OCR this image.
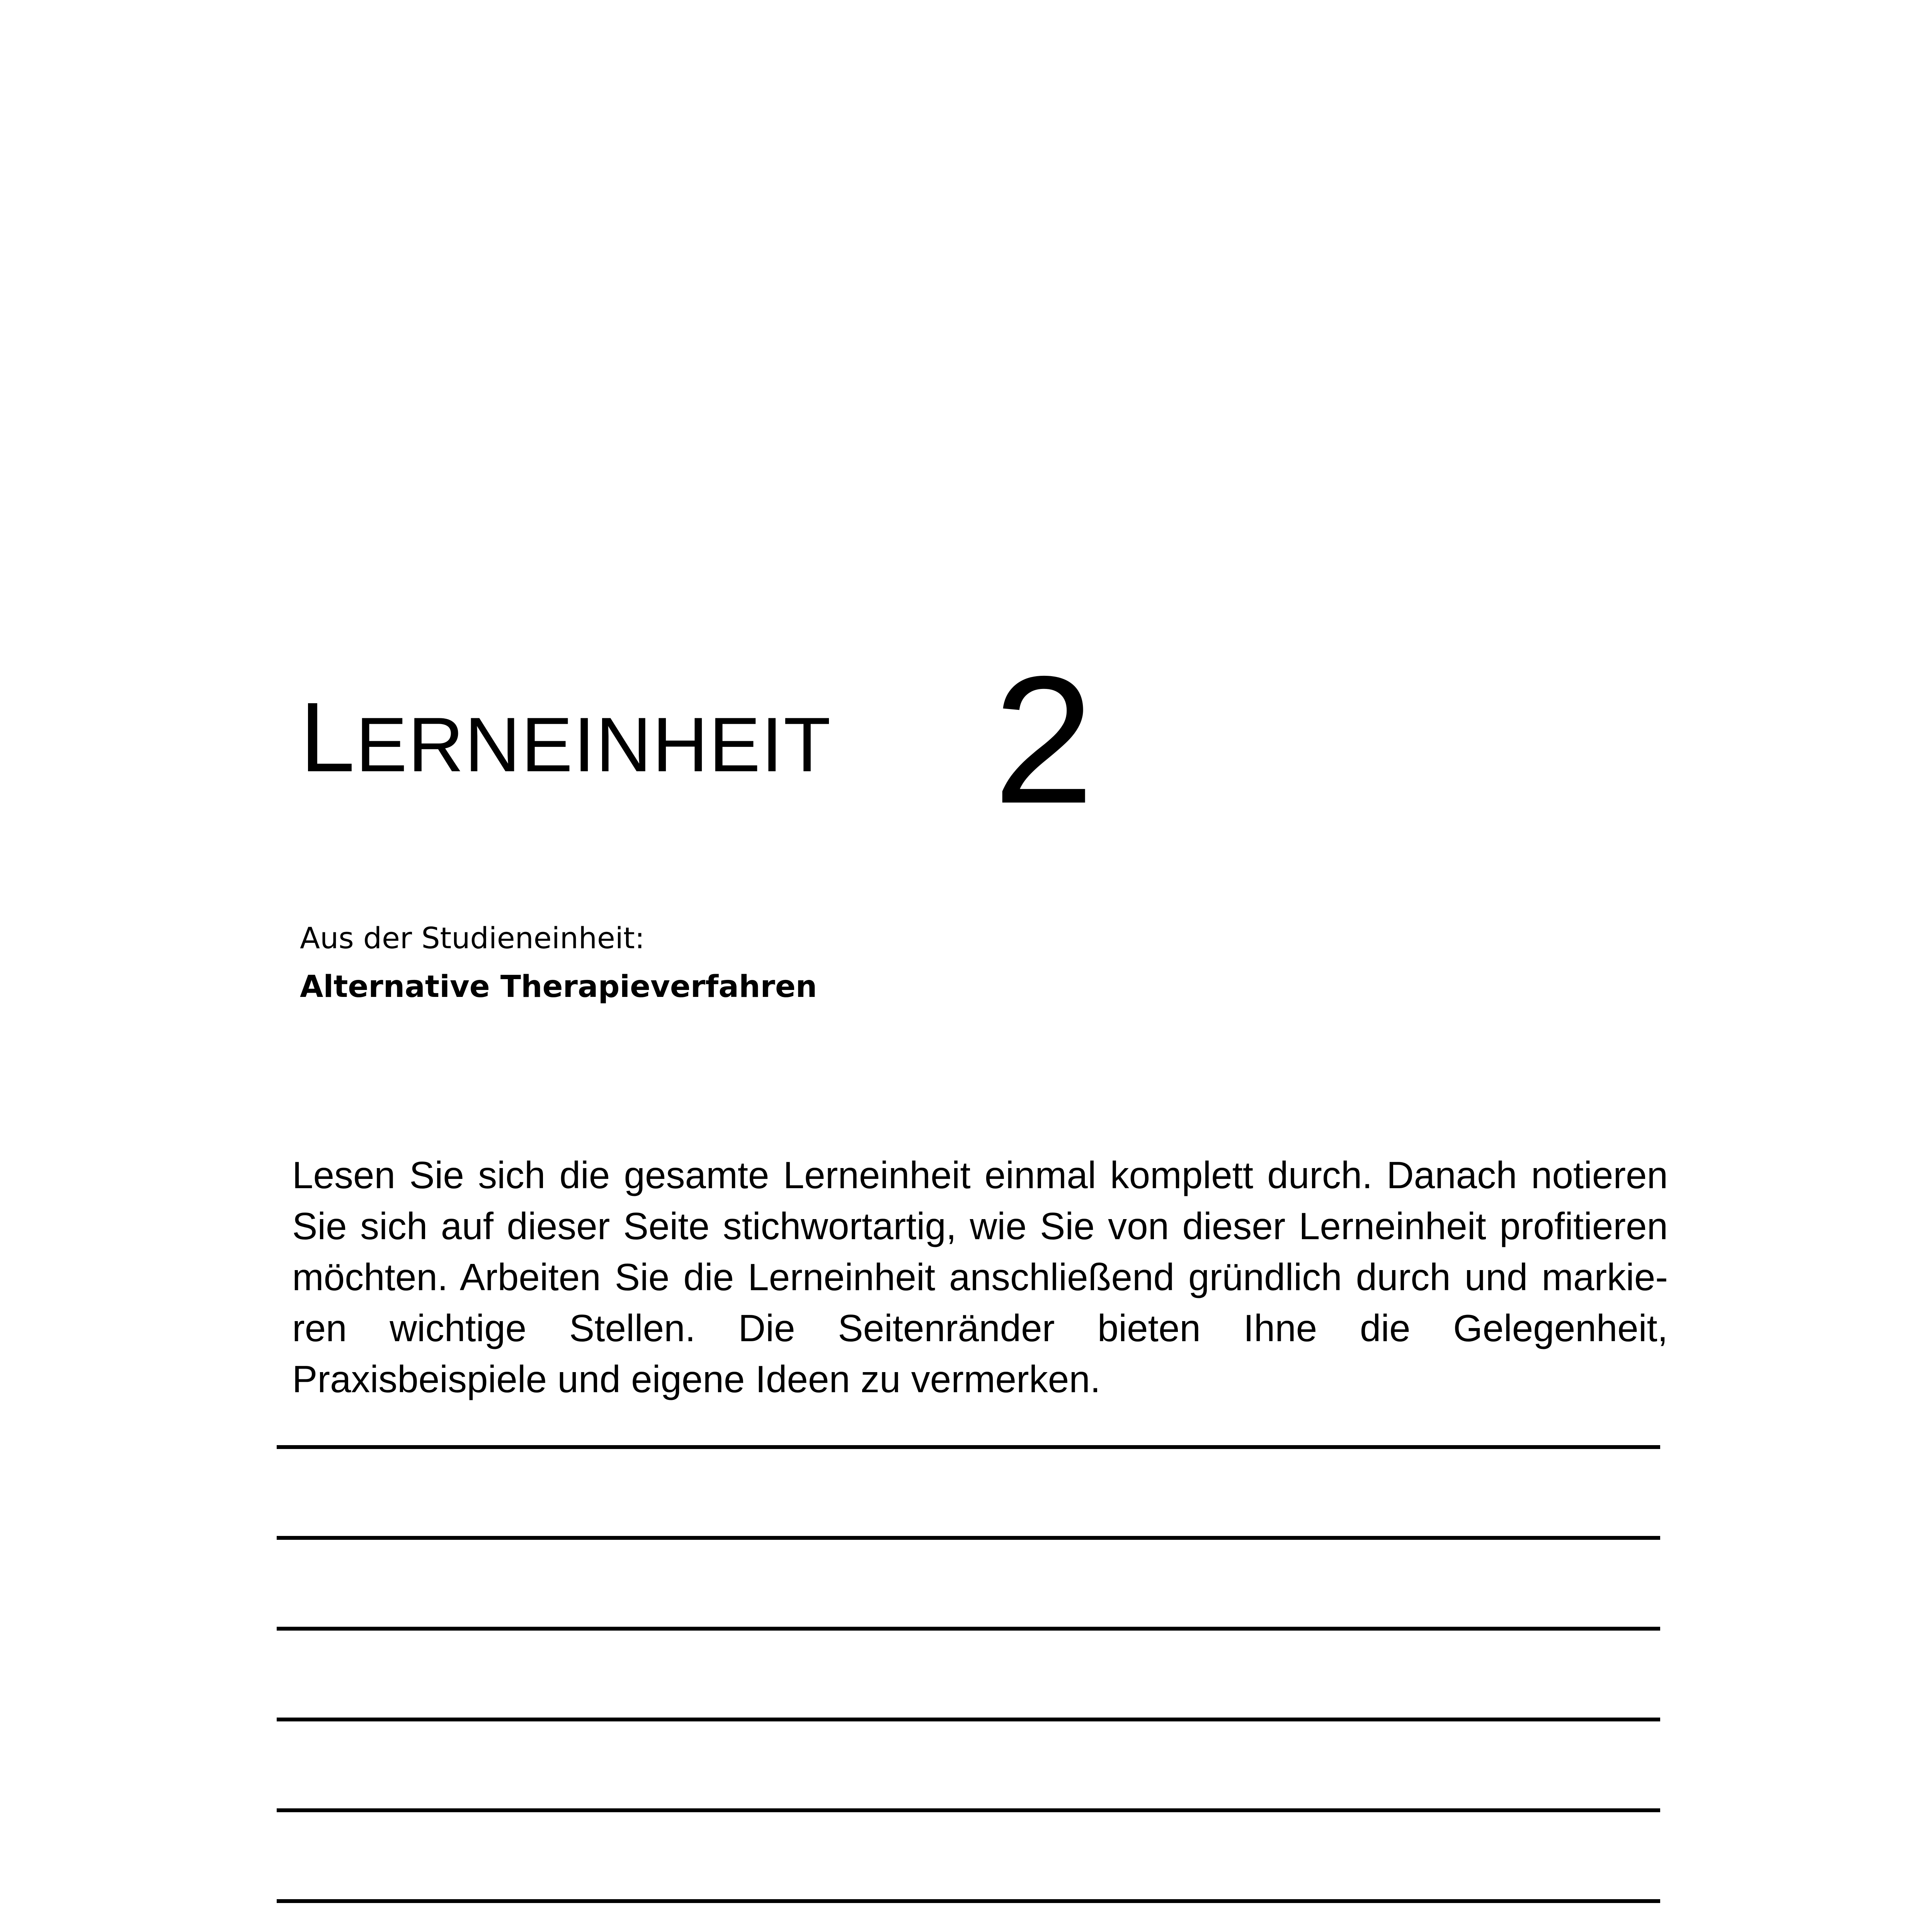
LERNEINHEIT 2
Aus der Studieneinheit:
Alternative Therapieverfahren
Lesen Sie sich die gesamte Lerneinheit einmal komplett durch. Danach notieren Sie sich auf dieser Seite stichwortartig, wie Sie von dieser Lerneinheit profitieren möchten. Arbeiten Sie die Lerneinheit anschließend gründlich durch und markie-ren wichtige Stellen. Die Seitenränder bieten Ihne die Gelegenheit, Praxisbeispiele und eigene Ideen zu vermerken.
